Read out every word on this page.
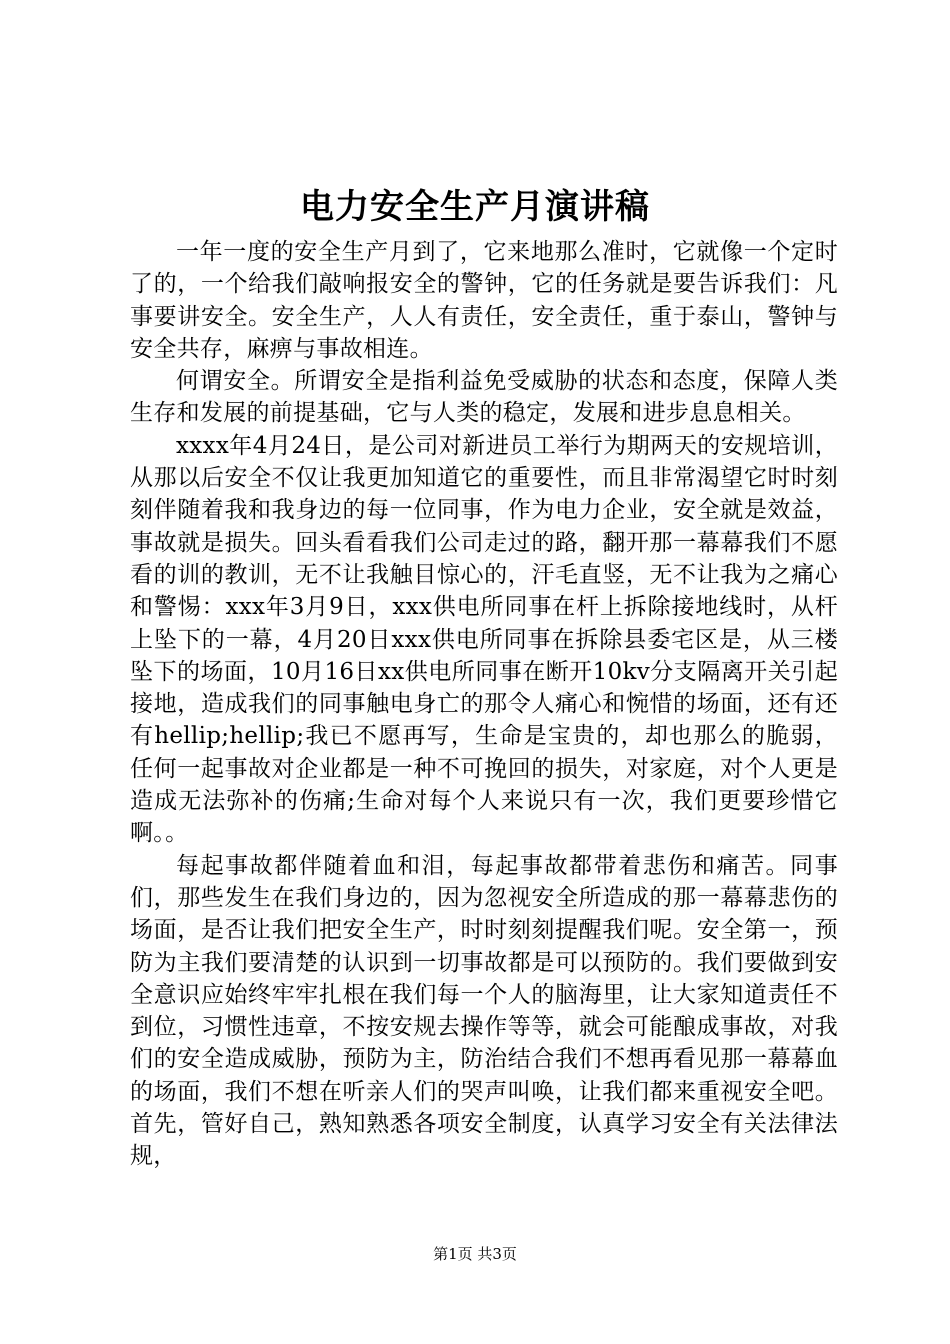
电力安全生产月演讲稿

一年一度的安全生产月到了，它来地那么准时，它就像一个定时了的，一个给我们敲响报安全的警钟，它的任务就是要告诉我们：凡事要讲安全。安全生产，人人有责任，安全责任，重于泰山，警钟与安全共存，麻痹与事故相连。

何谓安全。所谓安全是指利益免受威胁的状态和态度，保障人类生存和发展的前提基础，它与人类的稳定，发展和进步息息相关。

xxxx年4月24日，是公司对新进员工举行为期两天的安规培训，从那以后安全不仅让我更加知道它的重要性，而且非常渴望它时时刻刻伴随着我和我身边的每一位同事，作为电力企业，安全就是效益，事故就是损失。回头看看我们公司走过的路，翻开那一幕幕我们不愿看的训的教训，无不让我触目惊心的，汗毛直竖，无不让我为之痛心和警惕：xxx年3月9日，xxx供电所同事在杆上拆除接地线时，从杆上坠下的一幕，4月20日xxx供电所同事在拆除县委宅区是，从三楼坠下的场面，10月16日xx供电所同事在断开10kv分支隔离开关引起接地，造成我们的同事触电身亡的那令人痛心和惋惜的场面，还有还有hellip;hellip;我已不愿再写，生命是宝贵的，却也那么的脆弱，任何一起事故对企业都是一种不可挽回的损失，对家庭，对个人更是造成无法弥补的伤痛;生命对每个人来说只有一次，我们更要珍惜它啊。。

每起事故都伴随着血和泪，每起事故都带着悲伤和痛苦。同事们，那些发生在我们身边的，因为忽视安全所造成的那一幕幕悲伤的场面，是否让我们把安全生产，时时刻刻提醒我们呢。安全第一，预防为主我们要清楚的认识到一切事故都是可以预防的。我们要做到安全意识应始终牢牢扎根在我们每一个人的脑海里，让大家知道责任不到位，习惯性违章，不按安规去操作等等，就会可能酿成事故，对我们的安全造成威胁，预防为主，防治结合我们不想再看见那一幕幕血的场面，我们不想在听亲人们的哭声叫唤，让我们都来重视安全吧。首先，管好自己，熟知熟悉各项安全制度，认真学习安全有关法律法规，

第1页 共3页
